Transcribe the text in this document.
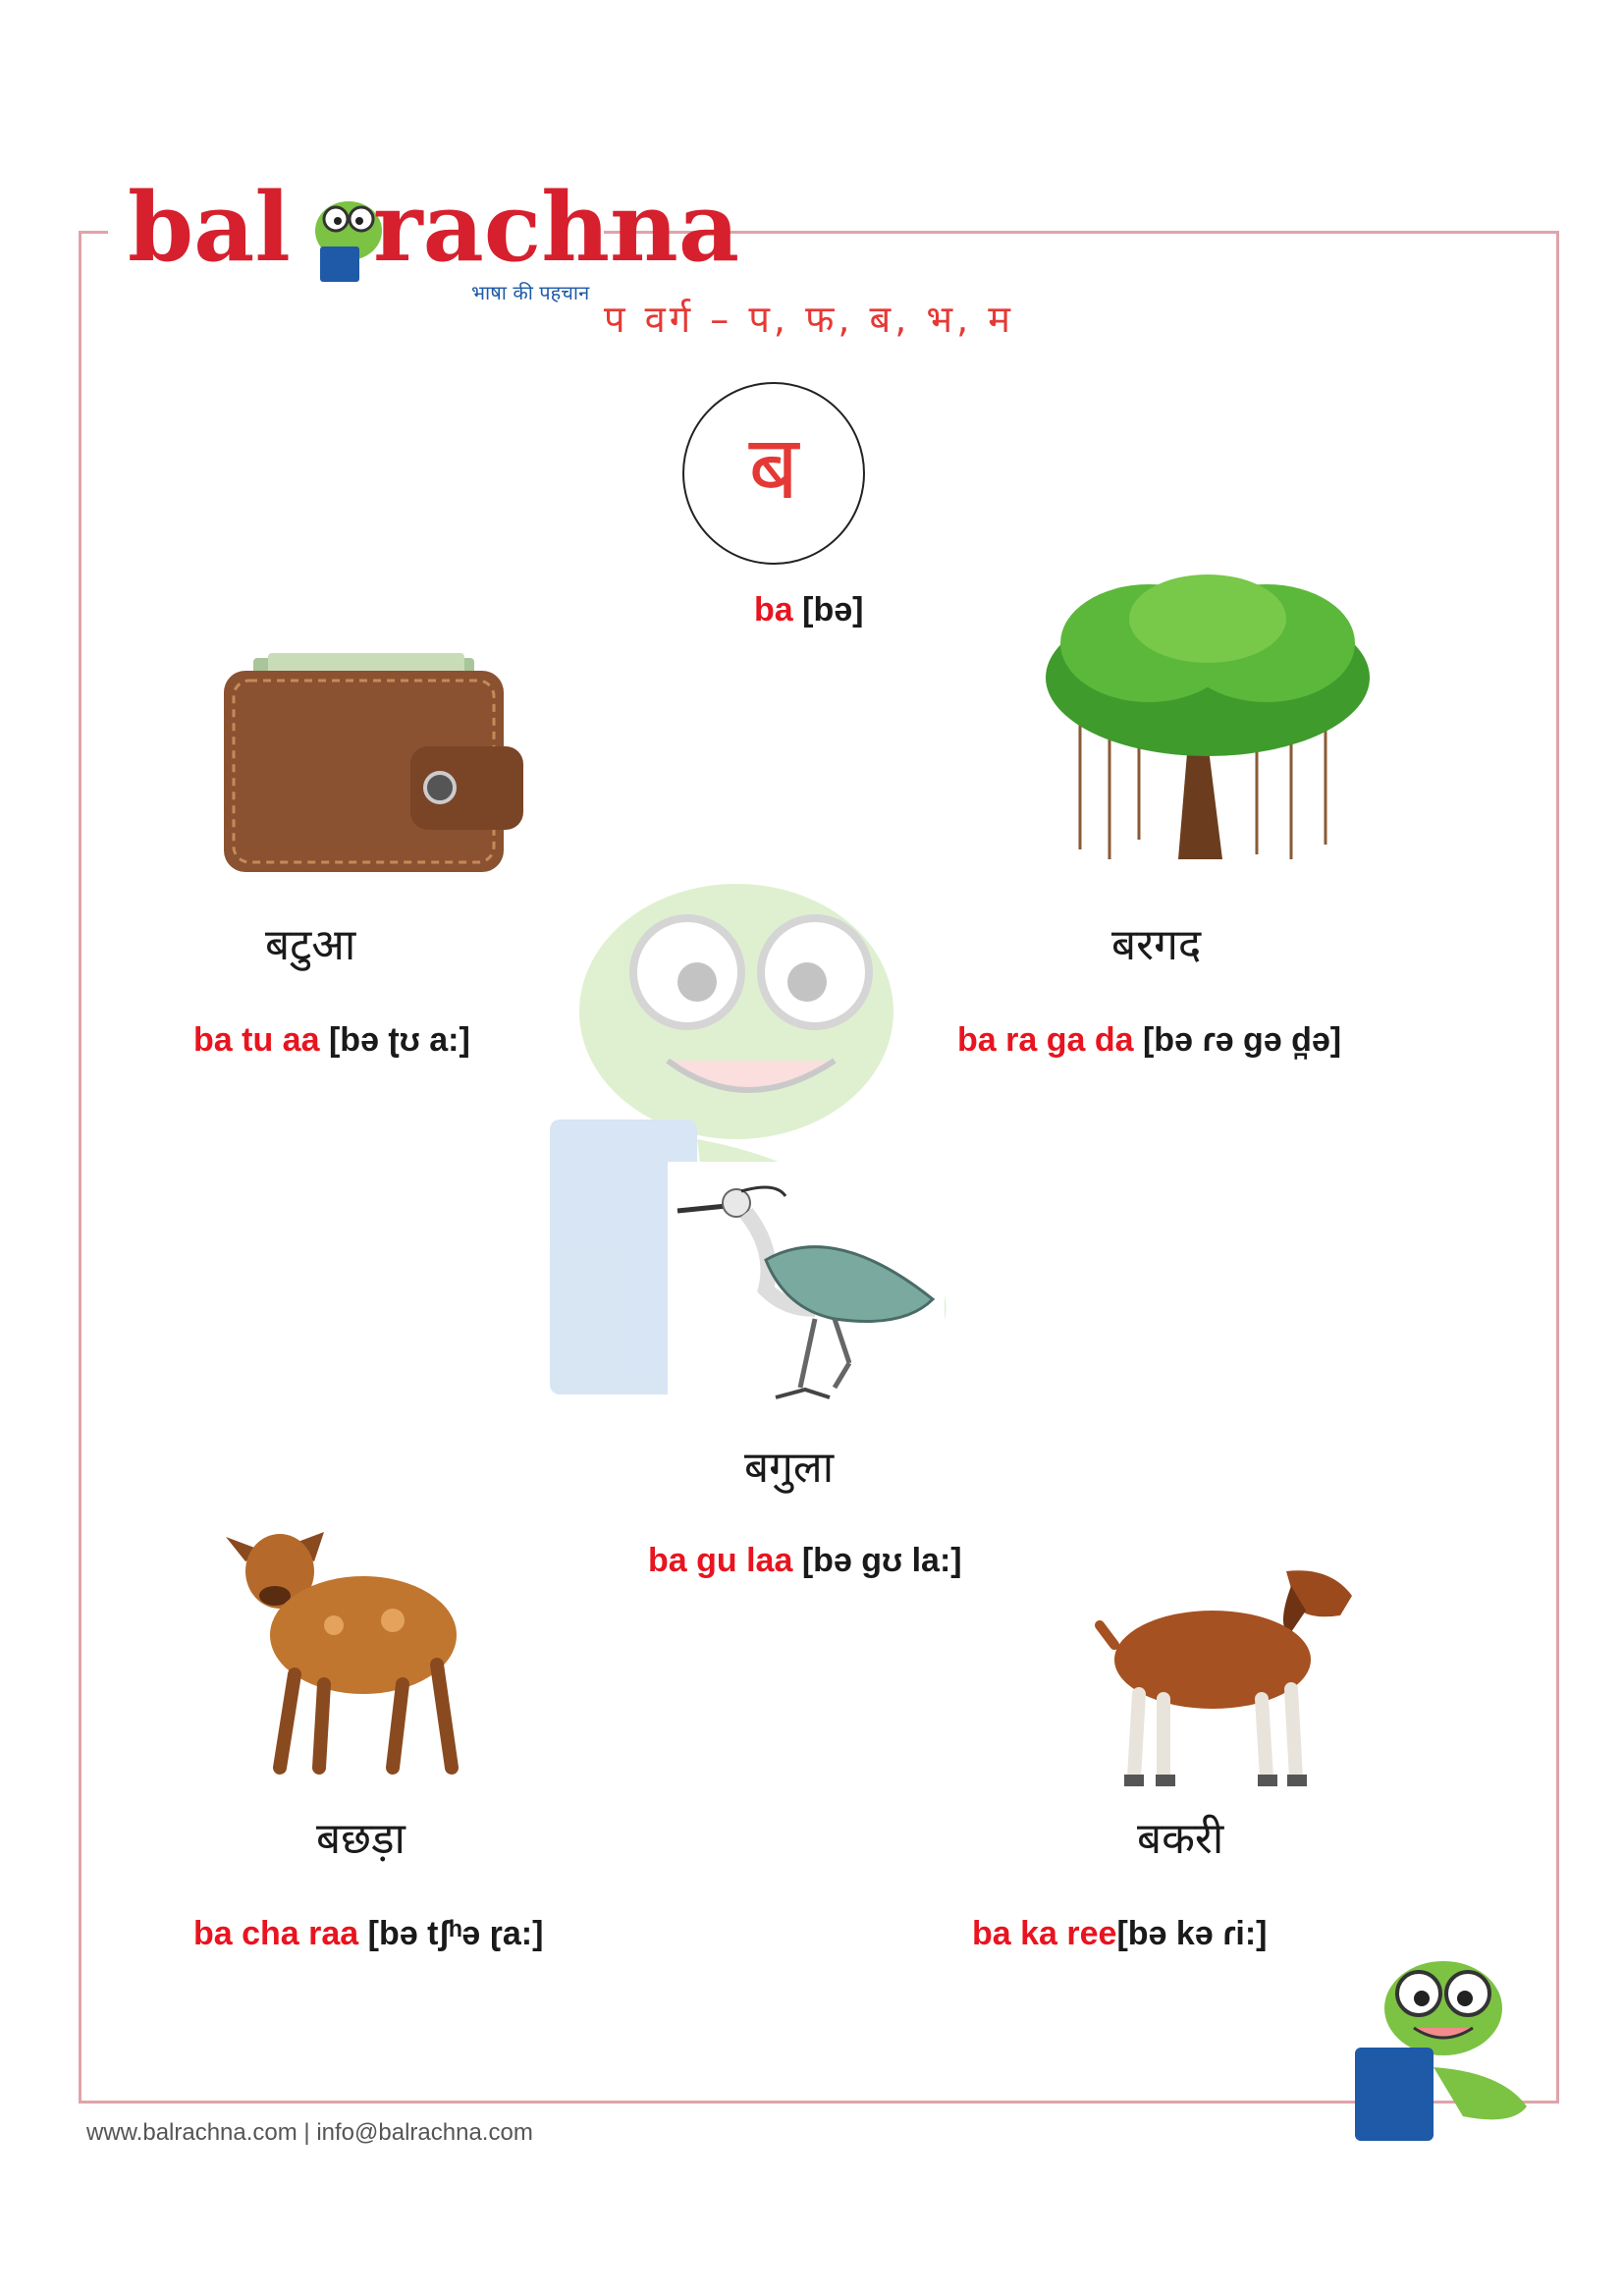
bal rachna
भाषा की पहचान
प वर्ग – प, फ, ब, भ, म
ब
ba [bə]
बटुआ
ba tu aa [bə ʈʊ a:]
बरगद
ba ra ga da [bə ɾə gə d̪ə]
बगुला
ba gu laa [bə gʊ la:]
बछड़ा
ba cha raa [bə tʃʰə ɽa:]
बकरी
ba ka ree[bə kə ɾi:]
www.balrachna.com | info@balrachna.com
